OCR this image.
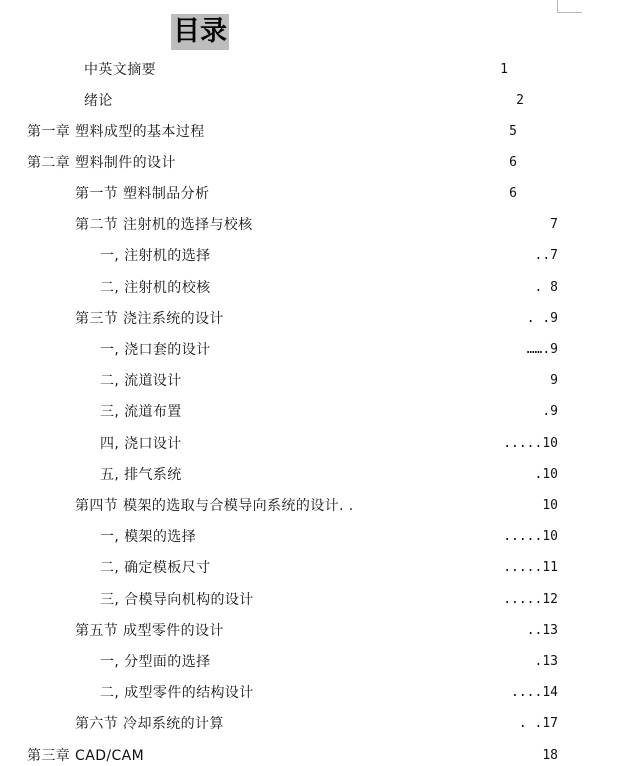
目录
中英文摘要	1
绪论	2
第一章 塑料成型的基本过程	5
第二章 塑料制件的设计	6
第一节 塑料制品分析	6
第二节 注射机的选择与校核	7
一, 注射机的选择	..7
二, 注射机的校核	. 8
第三节 浇注系统的设计	. .9
一, 浇口套的设计	…….9
二, 流道设计	9
三, 流道布置	.9
四, 浇口设计	.....10
五, 排气系统	.10
第四节 模架的选取与合模导向系统的设计. .	10
一, 模架的选择	.....10
二, 确定模板尺寸	.....11
三, 合模导向机构的设计	.....12
第五节 成型零件的设计	..13
一, 分型面的选择	.13
二, 成型零件的结构设计	....14
第六节 冷却系统的计算	. .17
第三章 CAD/CAM	18
